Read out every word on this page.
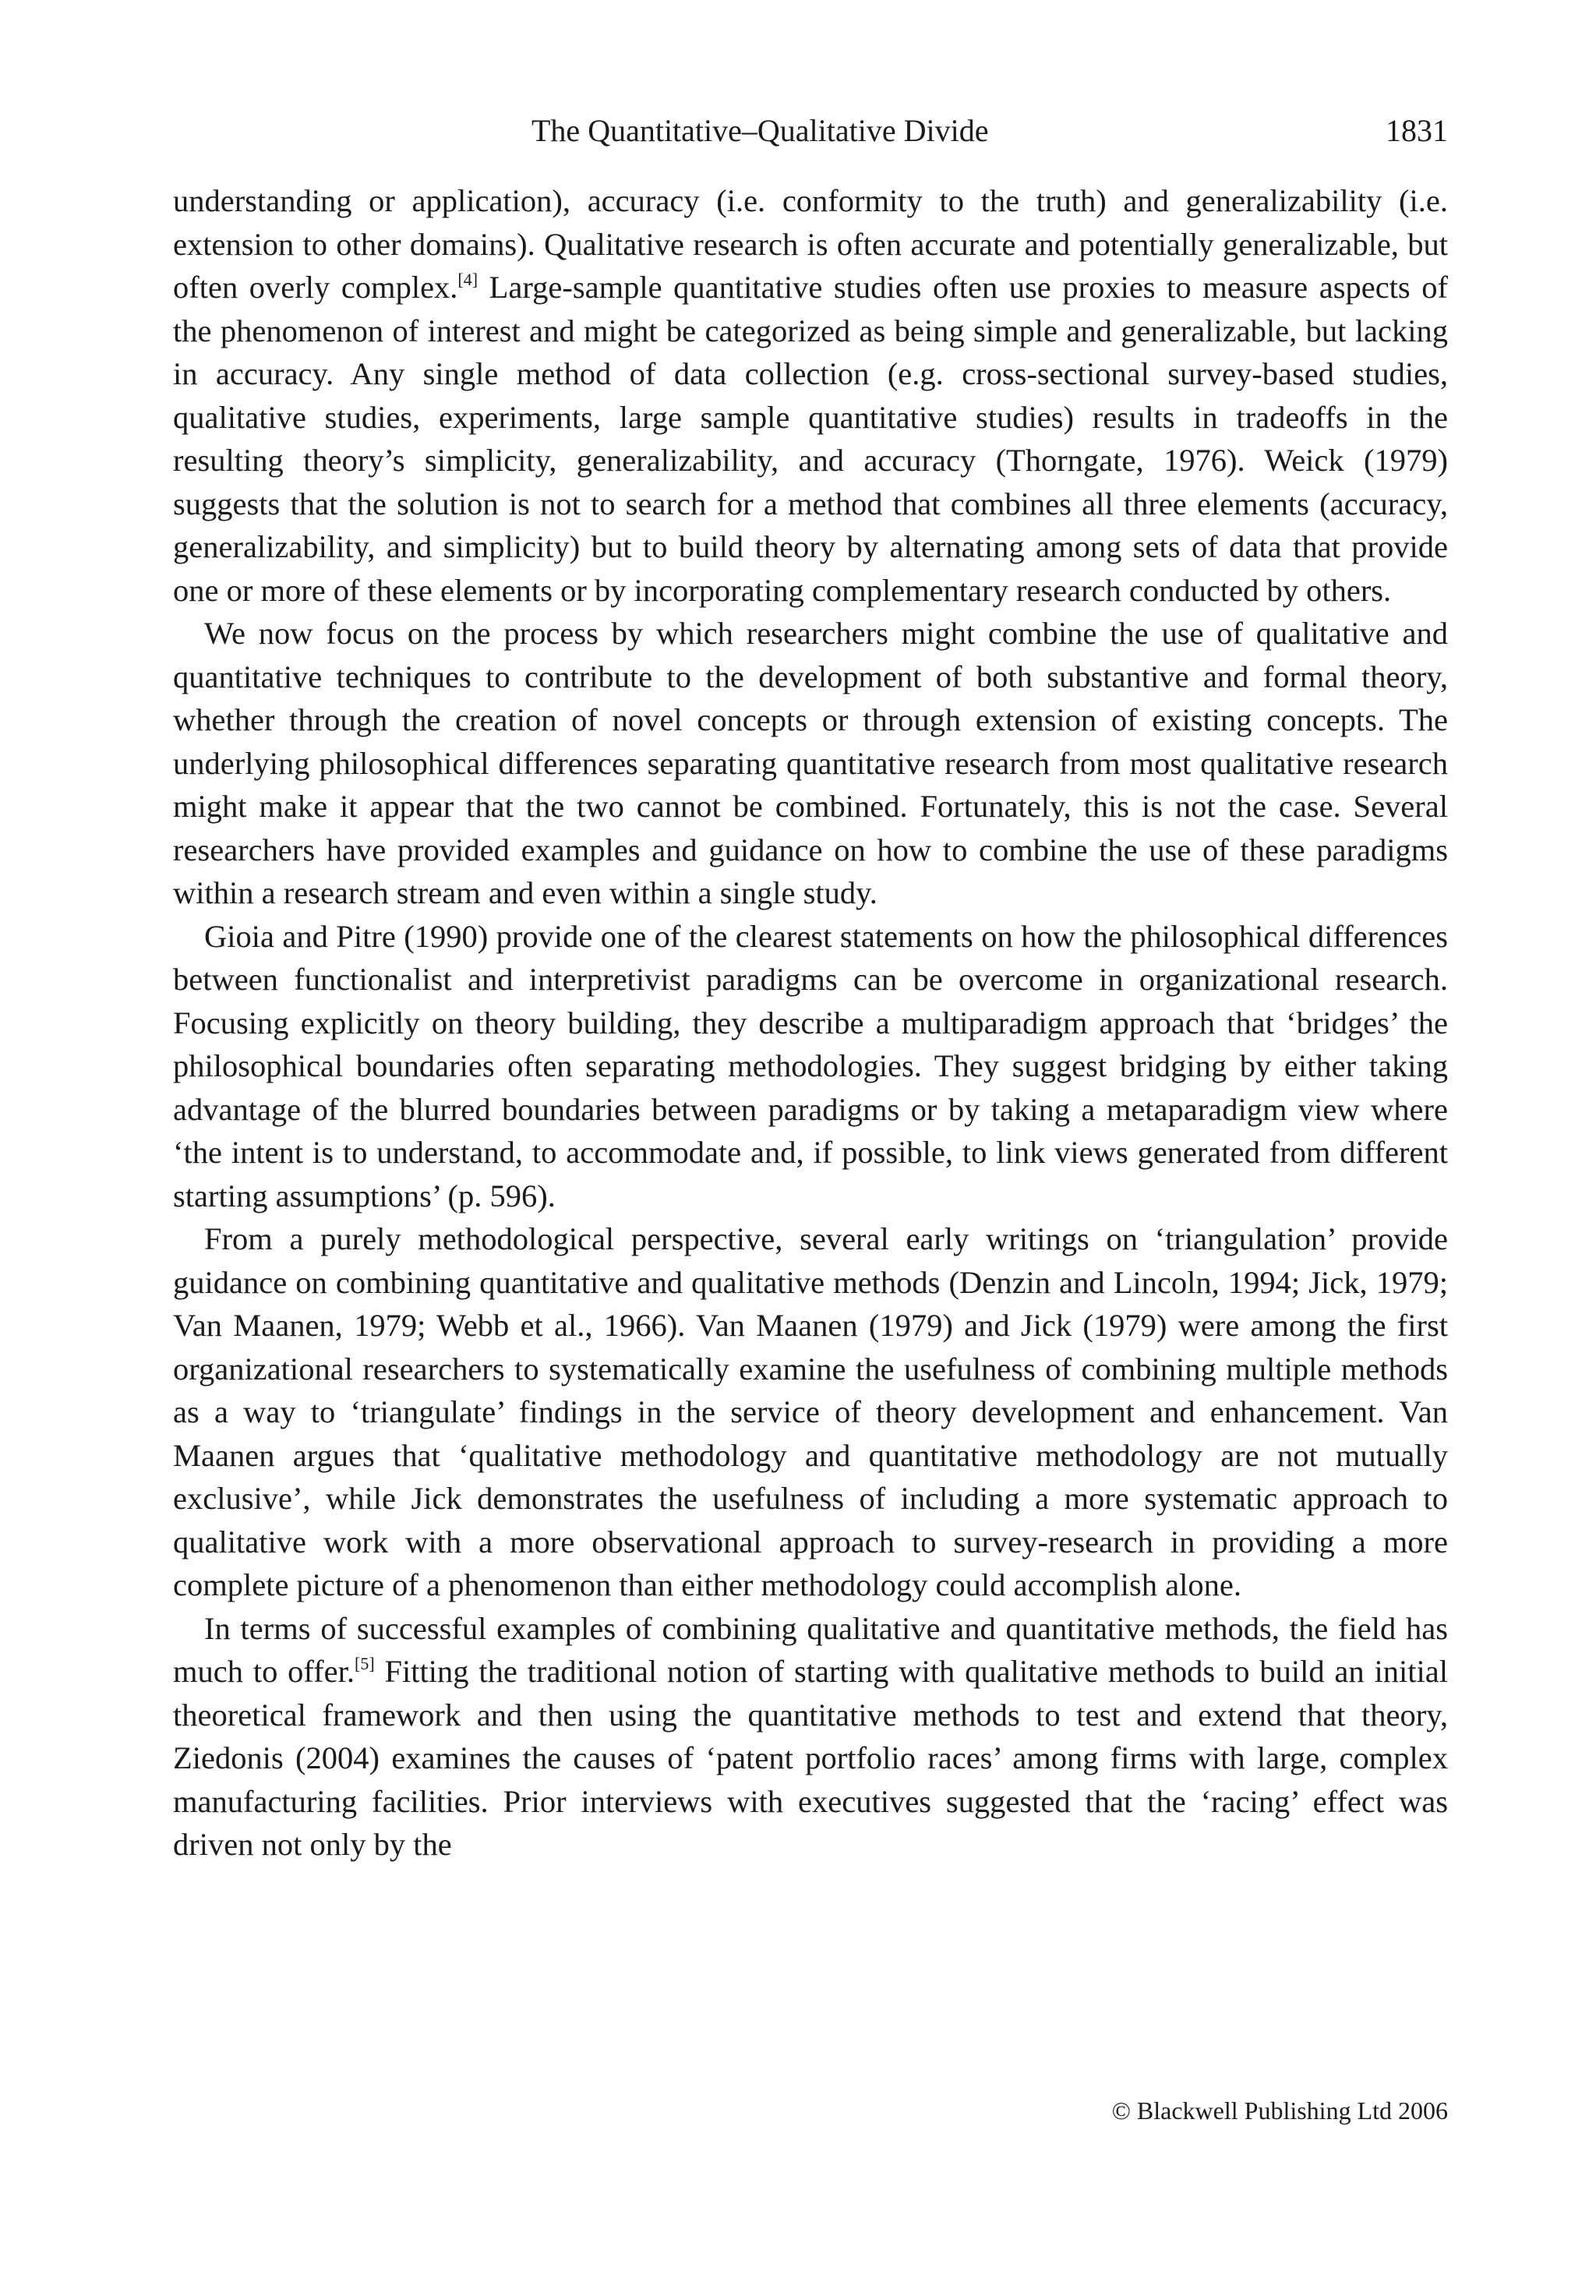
The Quantitative–Qualitative Divide	1831

understanding or application), accuracy (i.e. conformity to the truth) and generalizability (i.e. extension to other domains). Qualitative research is often accurate and potentially generalizable, but often overly complex.[4] Large-sample quantitative studies often use proxies to measure aspects of the phenomenon of interest and might be categorized as being simple and generalizable, but lacking in accuracy. Any single method of data collection (e.g. cross-sectional survey-based studies, qualitative studies, experiments, large sample quantitative studies) results in tradeoffs in the resulting theory’s simplicity, generalizability, and accuracy (Thorngate, 1976). Weick (1979) suggests that the solution is not to search for a method that combines all three elements (accuracy, generalizability, and simplicity) but to build theory by alternating among sets of data that provide one or more of these elements or by incorporating complementary research conducted by others.

We now focus on the process by which researchers might combine the use of qualitative and quantitative techniques to contribute to the development of both substantive and formal theory, whether through the creation of novel concepts or through extension of existing concepts. The underlying philosophical differences separating quantitative research from most qualitative research might make it appear that the two cannot be combined. Fortunately, this is not the case. Several researchers have provided examples and guidance on how to combine the use of these paradigms within a research stream and even within a single study.

Gioia and Pitre (1990) provide one of the clearest statements on how the philosophical differences between functionalist and interpretivist paradigms can be overcome in organizational research. Focusing explicitly on theory building, they describe a multiparadigm approach that ‘bridges’ the philosophical boundaries often separating methodologies. They suggest bridging by either taking advantage of the blurred boundaries between paradigms or by taking a metaparadigm view where ‘the intent is to understand, to accommodate and, if possible, to link views generated from different starting assumptions’ (p. 596).

From a purely methodological perspective, several early writings on ‘triangulation’ provide guidance on combining quantitative and qualitative methods (Denzin and Lincoln, 1994; Jick, 1979; Van Maanen, 1979; Webb et al., 1966). Van Maanen (1979) and Jick (1979) were among the first organizational researchers to systematically examine the usefulness of combining multiple methods as a way to ‘triangulate’ findings in the service of theory development and enhancement. Van Maanen argues that ‘qualitative methodology and quantitative methodology are not mutually exclusive’, while Jick demonstrates the usefulness of including a more systematic approach to qualitative work with a more observational approach to survey-research in providing a more complete picture of a phenomenon than either methodology could accomplish alone.

In terms of successful examples of combining qualitative and quantitative methods, the field has much to offer.[5] Fitting the traditional notion of starting with qualitative methods to build an initial theoretical framework and then using the quantitative methods to test and extend that theory, Ziedonis (2004) examines the causes of ‘patent portfolio races’ among firms with large, complex manufacturing facilities. Prior interviews with executives suggested that the ‘racing’ effect was driven not only by the

© Blackwell Publishing Ltd 2006
